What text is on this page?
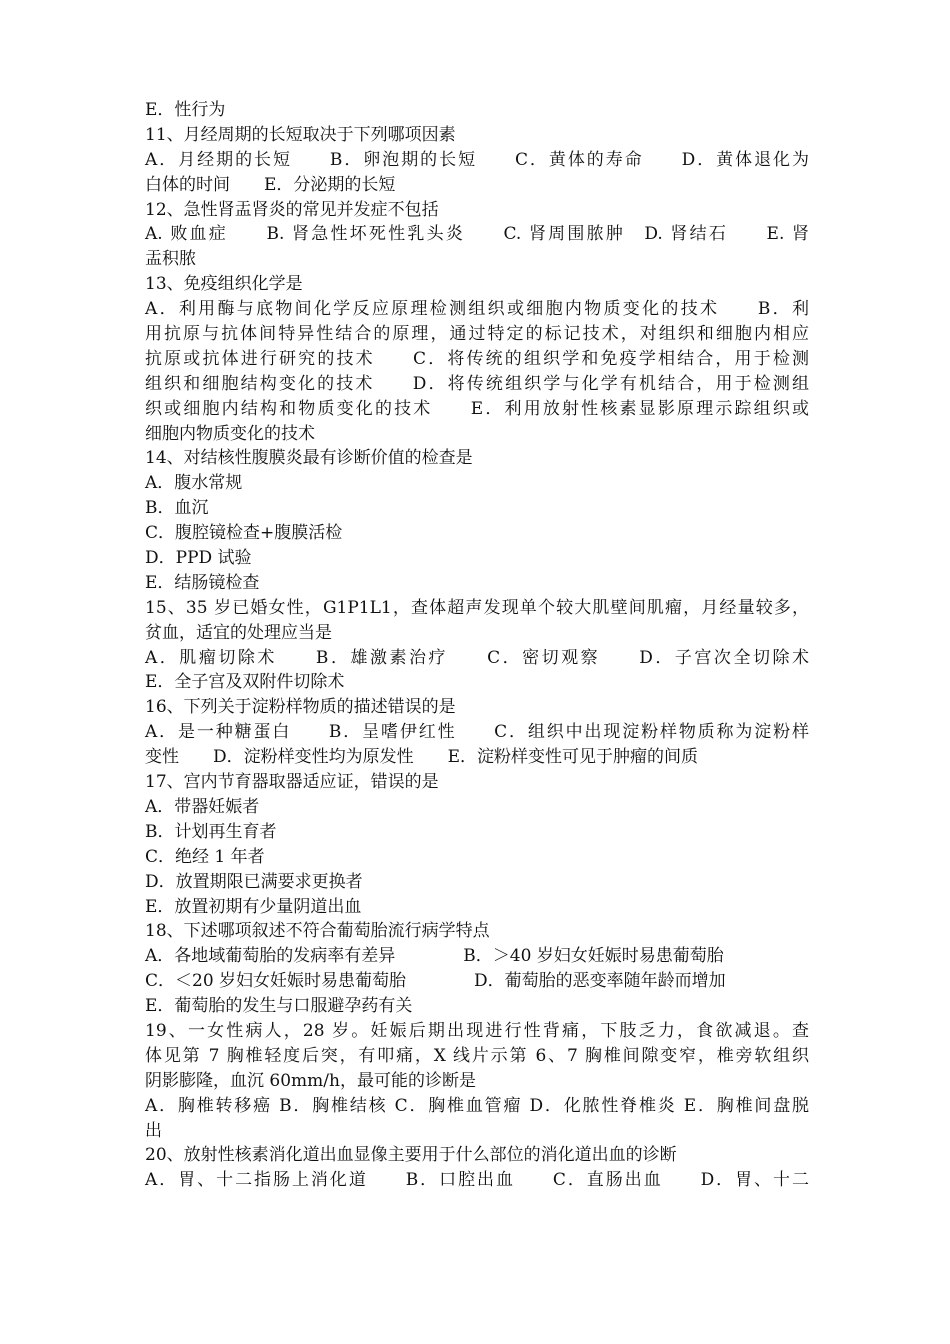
E．性行为
11、月经周期的长短取决于下列哪项因素
A．月经期的长短　　B．卵泡期的长短　　C．黄体的寿命　　D．黄体退化为
白体的时间　　E．分泌期的长短
12、急性肾盂肾炎的常见并发症不包括
A. 败血症　　B. 肾急性坏死性乳头炎　　C. 肾周围脓肿　D. 肾结石　　E. 肾
盂积脓
13、免疫组织化学是
A．利用酶与底物间化学反应原理检测组织或细胞内物质变化的技术　　B．利
用抗原与抗体间特异性结合的原理，通过特定的标记技术，对组织和细胞内相应
抗原或抗体进行研究的技术　　C．将传统的组织学和免疫学相结合，用于检测
组织和细胞结构变化的技术　　D．将传统组织学与化学有机结合，用于检测组
织或细胞内结构和物质变化的技术　　E．利用放射性核素显影原理示踪组织或
细胞内物质变化的技术
14、对结核性腹膜炎最有诊断价值的检查是
A．腹水常规
B．血沉
C．腹腔镜检查+腹膜活检
D．PPD 试验
E．结肠镜检查
15、35 岁已婚女性，G1P1L1，查体超声发现单个较大肌壁间肌瘤，月经量较多，
贫血，适宜的处理应当是
A．肌瘤切除术　　B．雄激素治疗　　C．密切观察　　D．子宫次全切除术
E．全子宫及双附件切除术
16、下列关于淀粉样物质的描述错误的是
A．是一种糖蛋白　　B．呈嗜伊红性　　C．组织中出现淀粉样物质称为淀粉样
变性　　D．淀粉样变性均为原发性　　E．淀粉样变性可见于肿瘤的间质
17、宫内节育器取器适应证，错误的是
A．带器妊娠者
B．计划再生育者
C．绝经 1 年者
D．放置期限已满要求更换者
E．放置初期有少量阴道出血
18、下述哪项叙述不符合葡萄胎流行病学特点
A．各地域葡萄胎的发病率有差异　　　　B．＞40 岁妇女妊娠时易患葡萄胎
C．＜20 岁妇女妊娠时易患葡萄胎　　　　D．葡萄胎的恶变率随年龄而增加
E．葡萄胎的发生与口服避孕药有关
19、一女性病人，28 岁。妊娠后期出现进行性背痛，下肢乏力，食欲减退。查
体见第 7 胸椎轻度后突，有叩痛，X 线片示第 6、7 胸椎间隙变窄，椎旁软组织
阴影膨隆，血沉 60mm/h，最可能的诊断是
A．胸椎转移癌 B．胸椎结核 C．胸椎血管瘤 D．化脓性脊椎炎 E．胸椎间盘脱
出
20、放射性核素消化道出血显像主要用于什么部位的消化道出血的诊断
A．胃、十二指肠上消化道　　B．口腔出血　　C．直肠出血　　D．胃、十二
